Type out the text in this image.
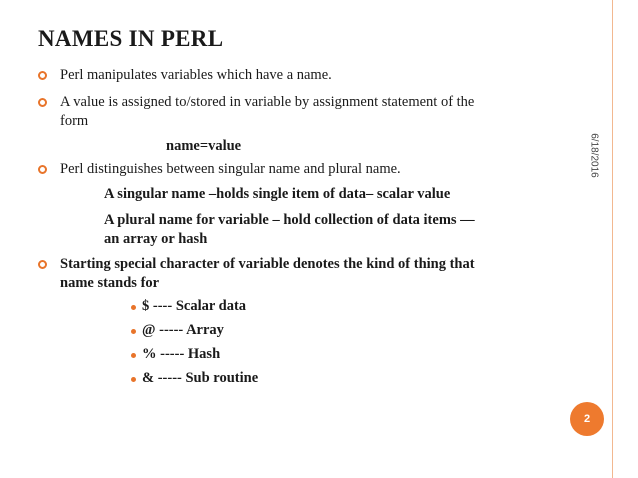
NAMES IN PERL
6/18/2016
Perl manipulates variables which have a name.
A value is assigned to/stored in variable by assignment statement of the
form
name=value
Perl distinguishes between singular name and plural name.
A singular name –holds single item of data– scalar value
A plural name for variable – hold collection of data items —
an array or hash
Starting special character of variable denotes the kind of thing that
name stands for
$ ---- Scalar data
@ ----- Array
% ----- Hash
& ----- Sub routine
2
